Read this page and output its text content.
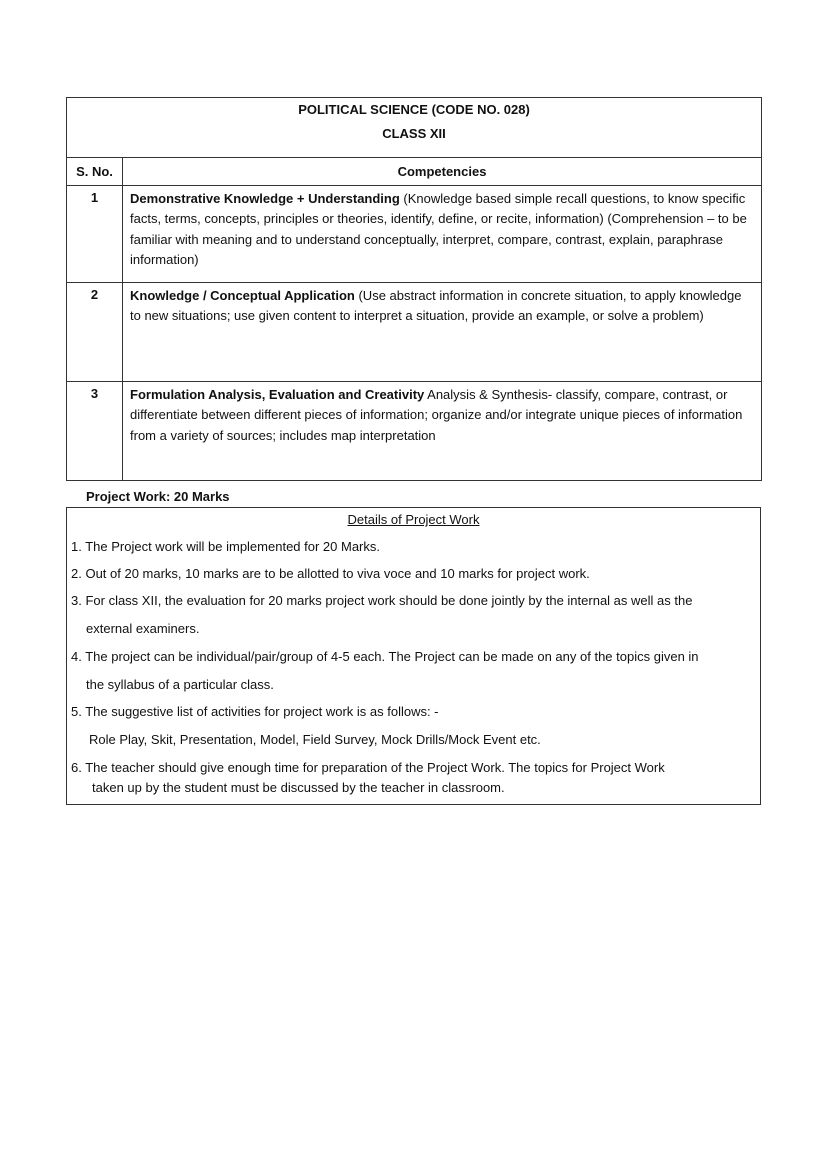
POLITICAL SCIENCE (CODE NO. 028)
CLASS XII	

S. No.	Competencies
1	Demonstrative Knowledge + Understanding (Knowledge based simple recall questions, to know specific facts, terms, concepts, principles or theories, identify, define, or recite, information) (Comprehension – to be familiar with meaning and to understand conceptually, interpret, compare, contrast, explain, paraphrase information)
2	Knowledge / Conceptual Application (Use abstract information in concrete situation, to apply knowledge to new situations; use given content to interpret a situation, provide an example, or solve a problem)
3	Formulation Analysis, Evaluation and Creativity Analysis & Synthesis- classify, compare, contrast, or differentiate between different pieces of information; organize and/or integrate unique pieces of information from a variety of sources; includes map interpretation
Project Work: 20 Marks
Details of Project Work
1. The Project work will be implemented for 20 Marks.
2. Out of 20 marks, 10 marks are to be allotted to viva voce and 10 marks for project work.
3. For class XII, the evaluation for 20 marks project work should be done jointly by the internal as well as the
external examiners.
4. The project can be individual/pair/group of 4-5 each. The Project can be made on any of the topics given in
the syllabus of a particular class.
5. The suggestive list of activities for project work is as follows: -
Role Play, Skit, Presentation, Model, Field Survey, Mock Drills/Mock Event etc.
6. The teacher should give enough time for preparation of the Project Work. The topics for Project Work
taken up by the student must be discussed by the teacher in classroom.
